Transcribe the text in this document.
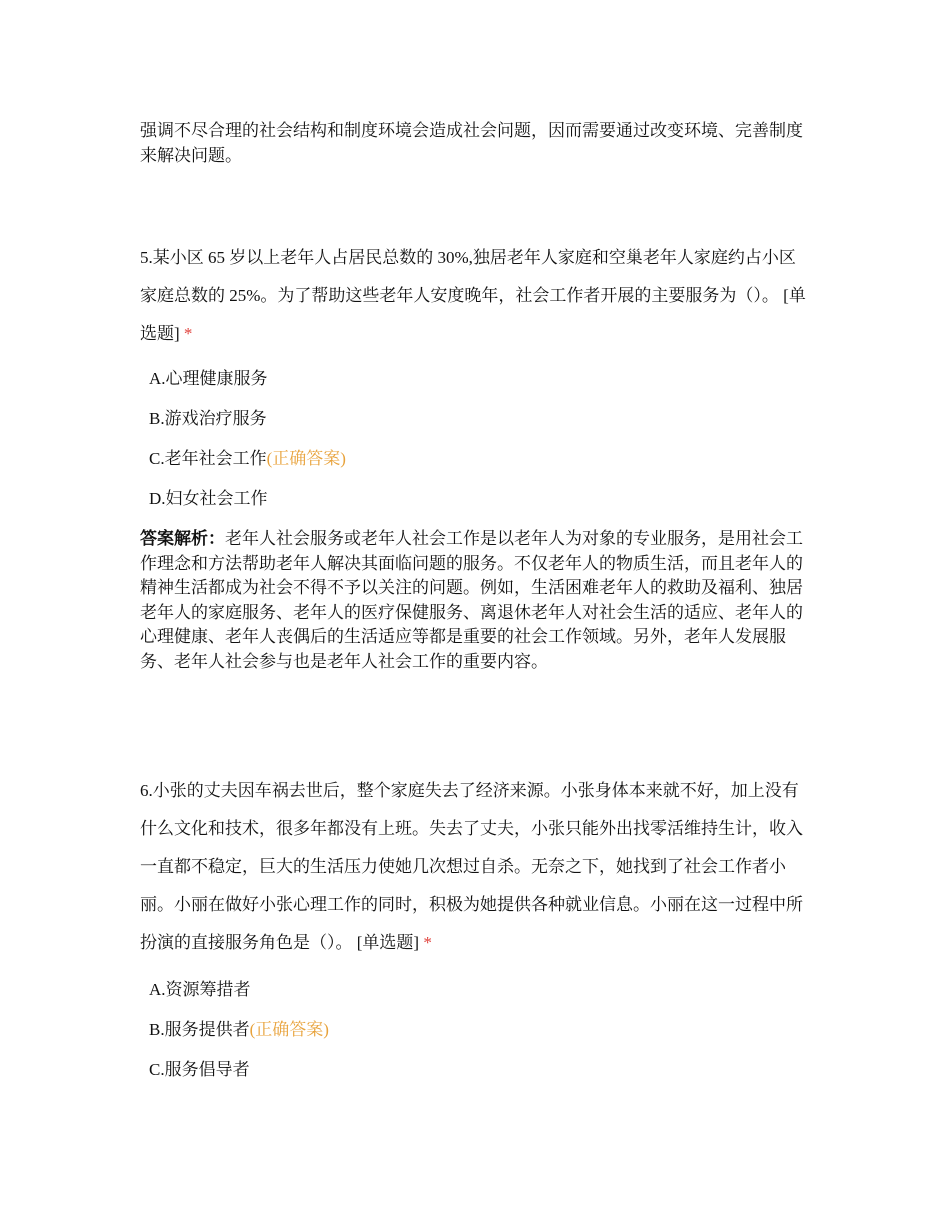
强调不尽合理的社会结构和制度环境会造成社会问题，因而需要通过改变环境、完善制度来解决问题。

5.某小区 65 岁以上老年人占居民总数的 30%,独居老年人家庭和空巢老年人家庭约占小区家庭总数的 25%。为了帮助这些老年人安度晚年，社会工作者开展的主要服务为（）。 [单选题] *

A.心理健康服务
B.游戏治疗服务
C.老年社会工作(正确答案)
D.妇女社会工作

答案解析：老年人社会服务或老年人社会工作是以老年人为对象的专业服务，是用社会工作理念和方法帮助老年人解决其面临问题的服务。不仅老年人的物质生活，而且老年人的精神生活都成为社会不得不予以关注的问题。例如，生活困难老年人的救助及福利、独居老年人的家庭服务、老年人的医疗保健服务、离退休老年人对社会生活的适应、老年人的心理健康、老年人丧偶后的生活适应等都是重要的社会工作领域。另外，老年人发展服务、老年人社会参与也是老年人社会工作的重要内容。

6.小张的丈夫因车祸去世后，整个家庭失去了经济来源。小张身体本来就不好，加上没有什么文化和技术，很多年都没有上班。失去了丈夫，小张只能外出找零活维持生计，收入一直都不稳定，巨大的生活压力使她几次想过自杀。无奈之下，她找到了社会工作者小丽。小丽在做好小张心理工作的同时，积极为她提供各种就业信息。小丽在这一过程中所扮演的直接服务角色是（）。 [单选题] *

A.资源筹措者
B.服务提供者(正确答案)
C.服务倡导者
